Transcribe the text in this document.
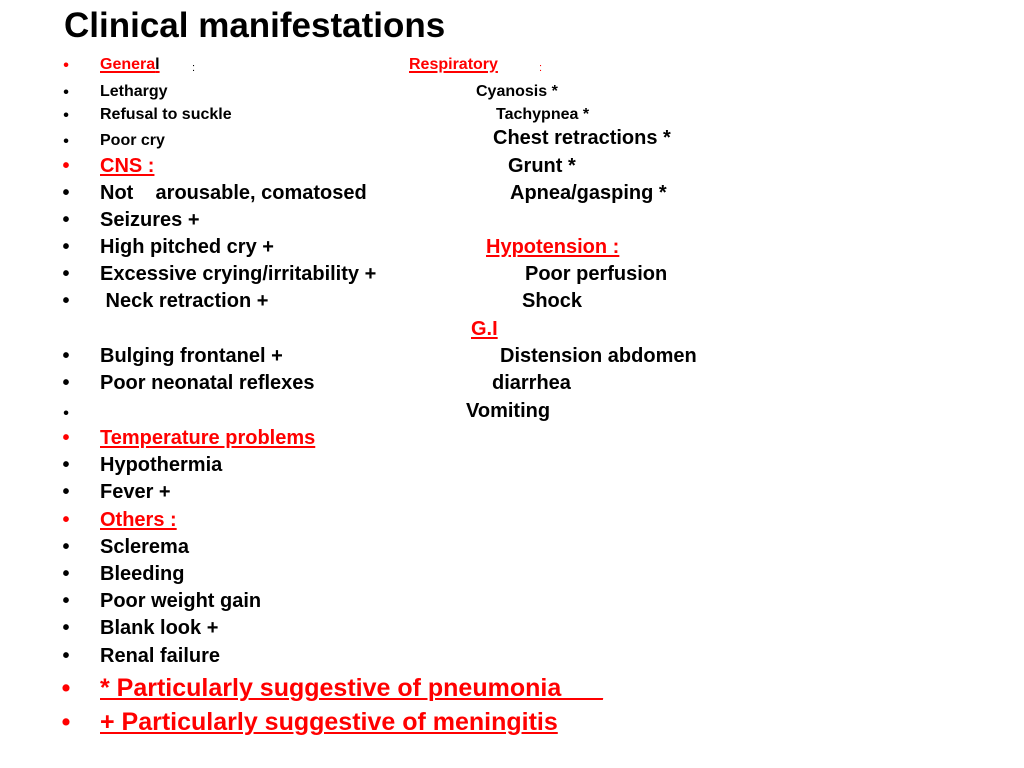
Clinical manifestations
• General	:	Respiratory	:
• Lethargy	Cyanosis *
• Refusal to suckle	Tachypnea *
• Poor cry	Chest retractions *
• CNS :	Grunt *
• Not    arousable, comatosed	Apnea/gasping *
• Seizures +
• High pitched cry +	Hypotension :
• Excessive crying/irritability +	Poor perfusion
• Neck retraction +	Shock
G.I
• Bulging frontanel +	Distension abdomen
• Poor neonatal reflexes	diarrhea
•	Vomiting
• Temperature problems
• Hypothermia
• Fever +
• Others :
• Sclerema
• Bleeding
• Poor weight gain
• Blank look +
• Renal failure
• * Particularly suggestive of pneumonia___
• + Particularly suggestive of meningitis
